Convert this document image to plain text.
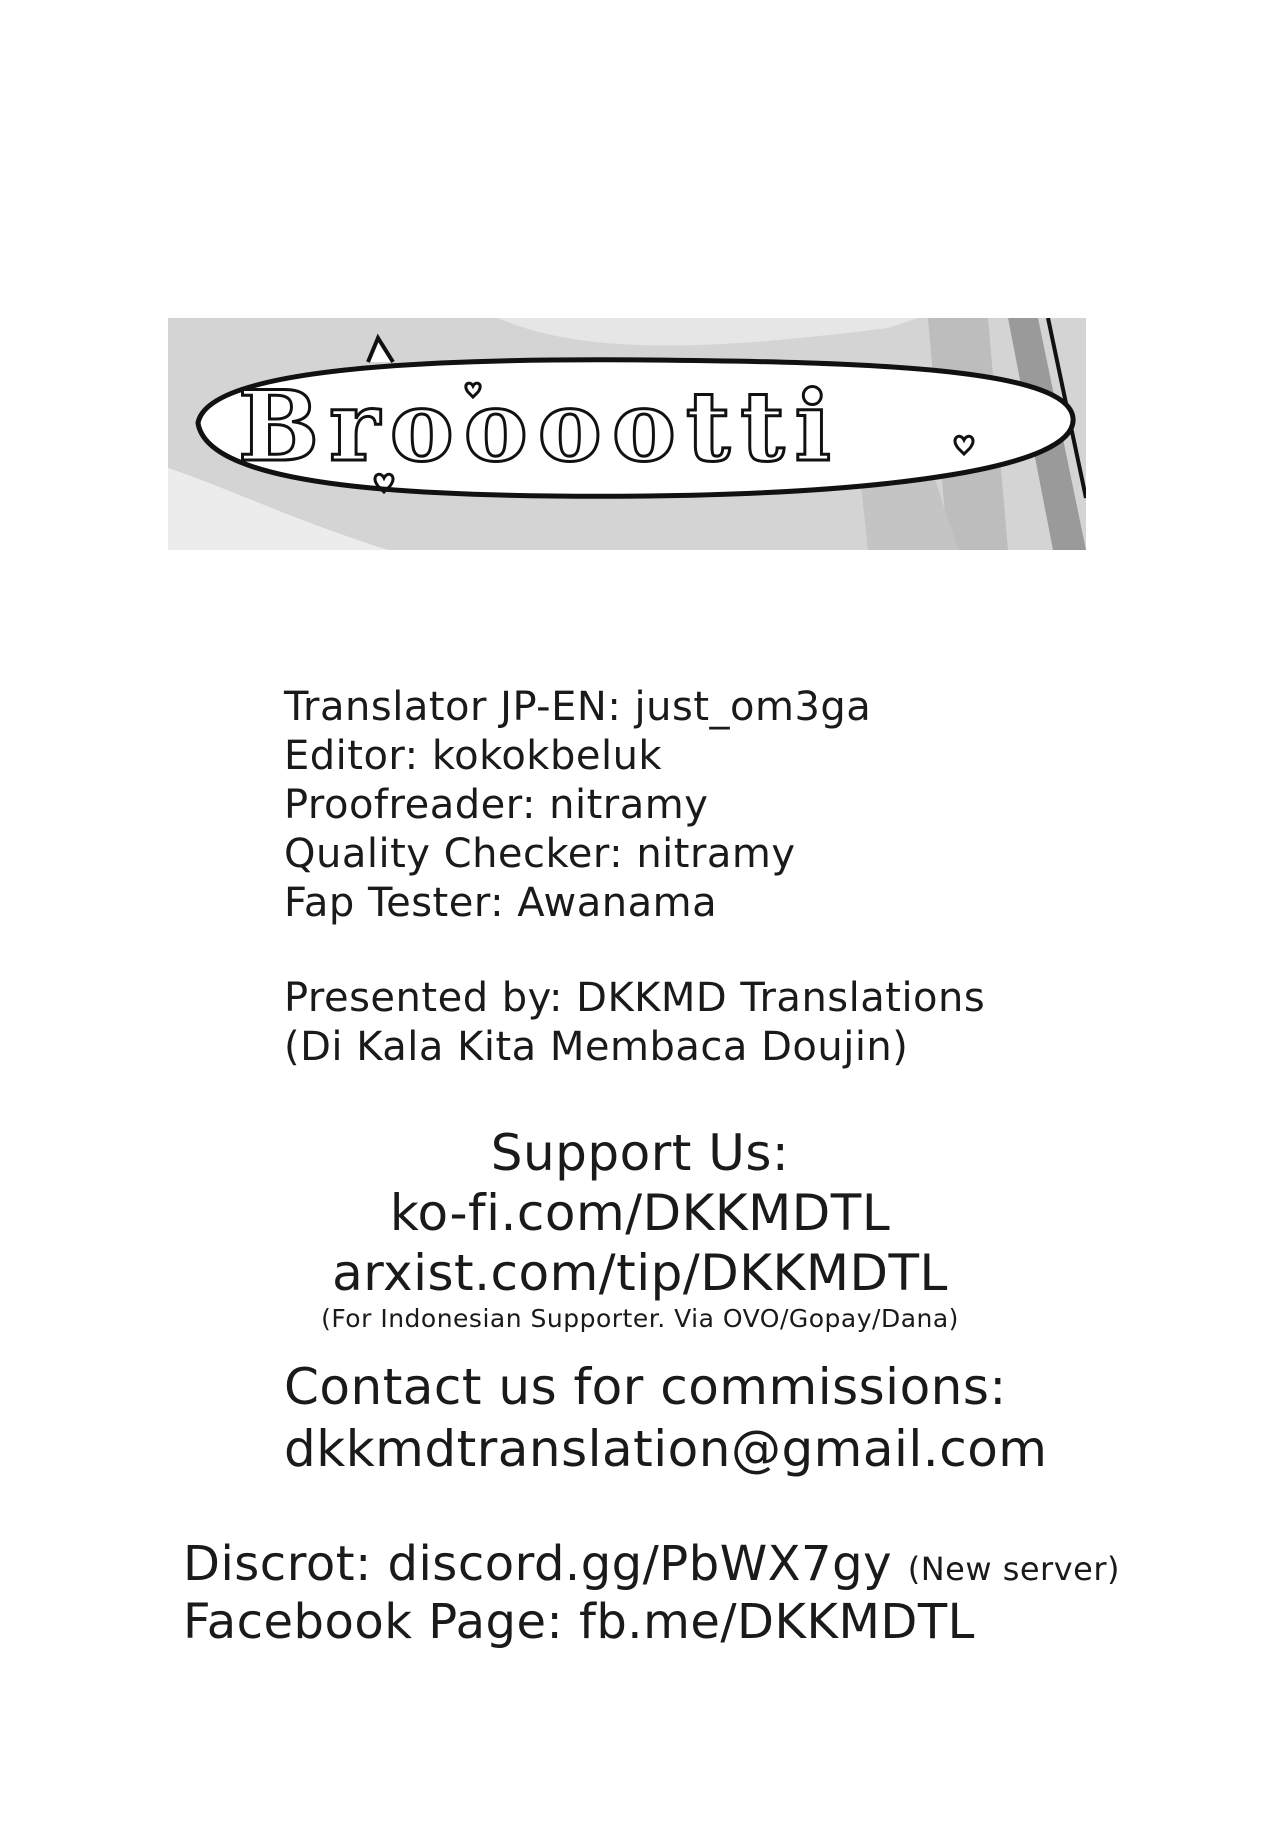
Brooootti
Translator JP-EN: just_om3ga
Editor: kokokbeluk
Proofreader: nitramy
Quality Checker: nitramy
Fap Tester: Awanama
Presented by: DKKMD Translations
(Di Kala Kita Membaca Doujin)
Support Us:
ko-fi.com/DKKMDTL
arxist.com/tip/DKKMDTL
(For Indonesian Supporter. Via OVO/Gopay/Dana)
Contact us for commissions:
dkkmdtranslation@gmail.com
Discrot: discord.gg/PbWX7gy (New server)
Facebook Page: fb.me/DKKMDTL
